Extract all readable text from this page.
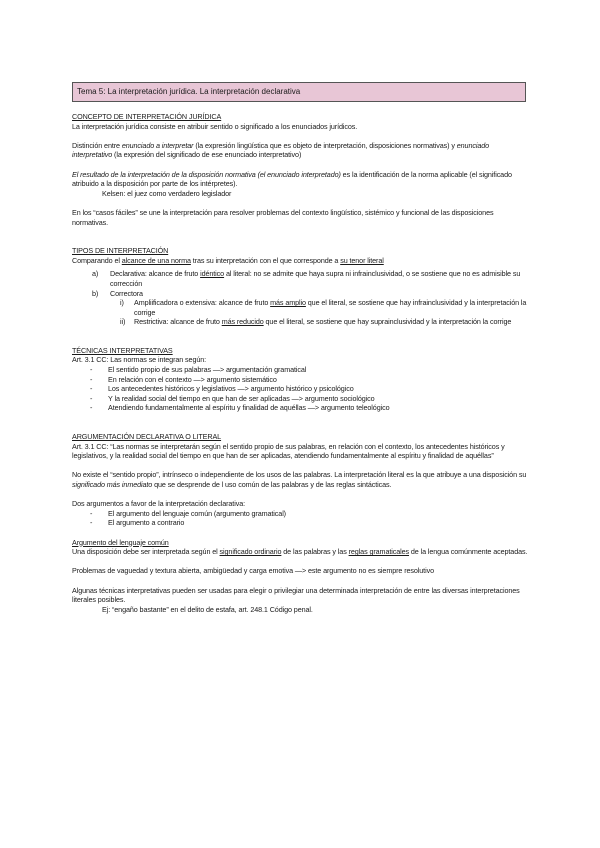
Tema 5: La interpretación jurídica. La interpretación declarativa
CONCEPTO DE INTERPRETACIÓN JURÍDICA
La interpretación jurídica consiste en atribuir sentido o significado a los enunciados jurídicos.
Distinción entre enunciado a interpretar (la expresión lingüística que es objeto de interpretación, disposiciones normativas) y enunciado interpretativo (la expresión del significado de ese enunciado interpretativo)
El resultado de la interpretación de la disposición normativa (el enunciado interpretado) es la identificación de la norma aplicable (el significado atribuido a la disposición por parte de los intérpretes).
Kelsen: el juez como verdadero legislador
En los “casos fáciles” se une la interpretación para resolver problemas del contexto lingüístico, sistémico y funcional de las disposiciones normativas.
TIPOS DE INTERPRETACIÓN
Comparando el alcance de una norma tras su interpretación con el que corresponde a su tenor literal
a)	Declarativa: alcance de fruto idéntico al literal: no se admite que haya supra ni infrainclusividad, o se sostiene que no es admisible su corrección
b)	Correctora
i) Ampliificadora o extensiva: alcance de fruto más amplio que el literal, se sostiene que hay infrainclusividad y la interpretación la corrige
ii) Restrictiva: alcance de fruto más reducido que el literal, se sostiene que hay suprainclusividad y la interpretación la corrige
TÉCNICAS INTERPRETATIVAS
Art. 3.1 CC: Las normas se integran según:
- El sentido propio de sus palabras —> argumentación gramatical
- En relación con el contexto —> argumento sistemático
- Los antecedentes históricos y legislativos —> argumento histórico y psicológico
- Y la realidad social del tiempo en que han de ser aplicadas —> argumento sociológico
- Atendiendo fundamentalmente al espíritu y finalidad de aquéllas —> argumento teleológico
ARGUMENTACIÓN DECLARATIVA O LITERAL
Art. 3.1 CC: “Las normas se interpretarán según el sentido propio de sus palabras, en relación con el contexto, los antecedentes históricos y legislativos, y la realidad social del tiempo en que han de ser aplicadas, atendiendo fundamentalmente al espíritu y finalidad de aquéllas”
No existe el “sentido propio”, intrínseco o independiente de los usos de las palabras. La interpretación literal es la que atribuye a una disposición su significado más inmediato que se desprende de l uso común de las palabras y de las reglas sintácticas.
Dos argumentos a favor de la interpretación declarativa:
- El argumento del lenguaje común (argumento gramatical)
- El argumento a contrario
Argumento del lenguaje común
Una disposición debe ser interpretada según el significado ordinario de las palabras y las reglas gramaticales de la lengua comúnmente aceptadas.
Problemas de vaguedad y textura abierta, ambigüedad y carga emotiva —> este argumento no es siempre resolutivo
Algunas técnicas interpretativas pueden ser usadas para elegir o privilegiar una determinada interpretación de entre las diversas interpretaciones literales posibles.
Ej: “engaño bastante” en el delito de estafa, art. 248.1 Código penal.
